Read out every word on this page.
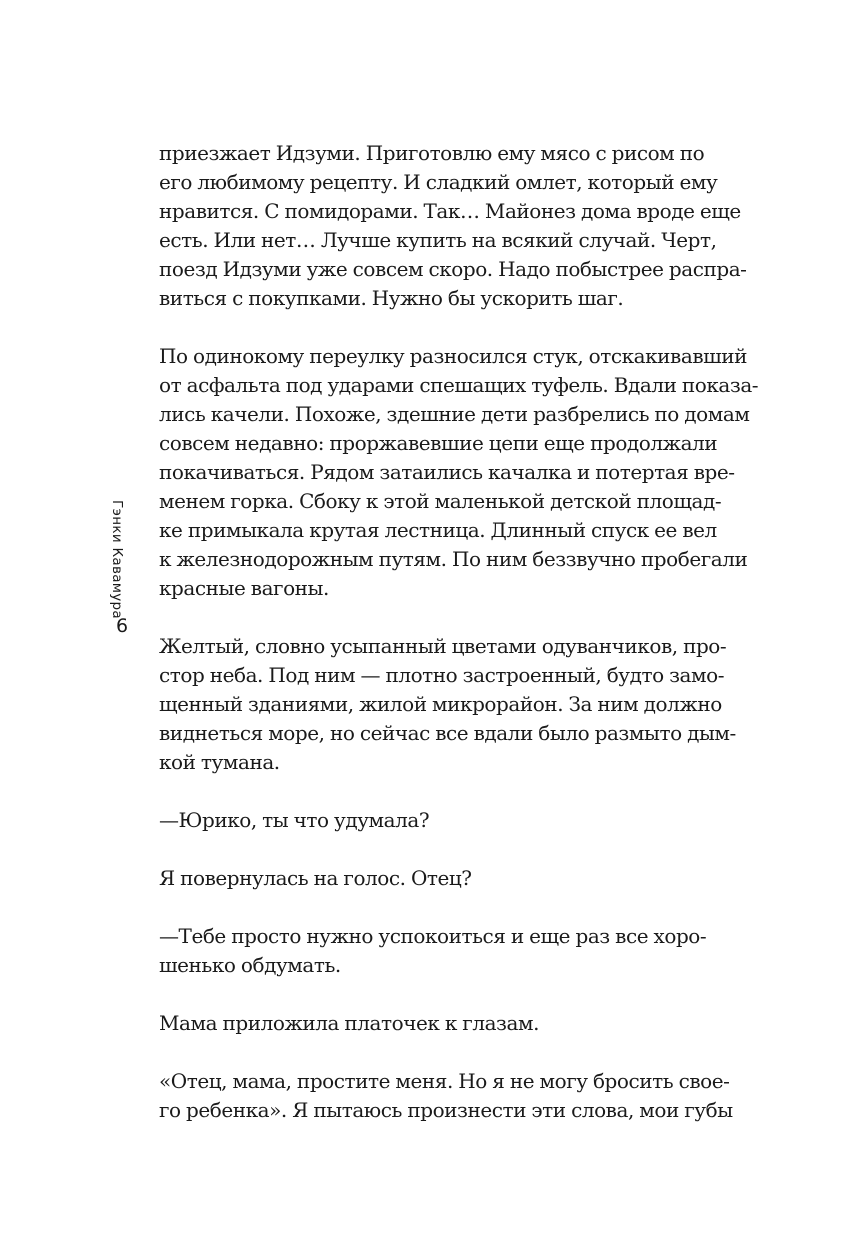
Гэнки Кавамура
6

приезжает Идзуми. Приготовлю ему мясо с рисом по
его любимому рецепту. И сладкий омлет, который ему
нравится. С помидорами. Так… Майонез дома вроде еще
есть. Или нет… Лучше купить на всякий случай. Черт,
поезд Идзуми уже совсем скоро. Надо побыстрее распра-
виться с покупками. Нужно бы ускорить шаг.

По одинокому переулку разносился стук, отскакивавший
от асфальта под ударами спешащих туфель. Вдали показа-
лись качели. Похоже, здешние дети разбрелись по домам
совсем недавно: проржавевшие цепи еще продолжали
покачиваться. Рядом затаились качалка и потертая вре-
менем горка. Сбоку к этой маленькой детской площад-
ке примыкала крутая лестница. Длинный спуск ее вел
к железнодорожным путям. По ним беззвучно пробегали
красные вагоны.

Желтый, словно усыпанный цветами одуванчиков, про-
стор неба. Под ним — плотно застроенный, будто замо-
щенный зданиями, жилой микрорайон. За ним должно
виднеться море, но сейчас все вдали было размыто дым-
кой тумана.

—Юрико, ты что удумала?

Я повернулась на голос. Отец?

—Тебе просто нужно успокоиться и еще раз все хоро-
шенько обдумать.

Мама приложила платочек к глазам.

«Отец, мама, простите меня. Но я не могу бросить свое-
го ребенка». Я пытаюсь произнести эти слова, мои губы
